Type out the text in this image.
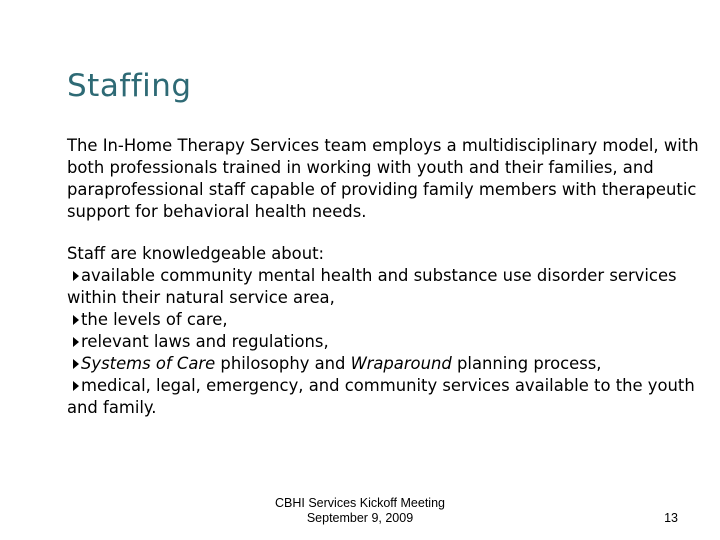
Staffing

The In-Home Therapy Services team employs a multidisciplinary model, with both professionals trained in working with youth and their families, and paraprofessional staff capable of providing family members with therapeutic support for behavioral health needs.

Staff are knowledgeable about:

available community mental health and substance use disorder services within their natural service area,
the levels of care,
relevant laws and regulations,
Systems of Care philosophy and Wraparound planning process,
medical, legal, emergency, and community services available to the youth and family.
CBHI Services Kickoff Meeting
September 9, 2009	13
